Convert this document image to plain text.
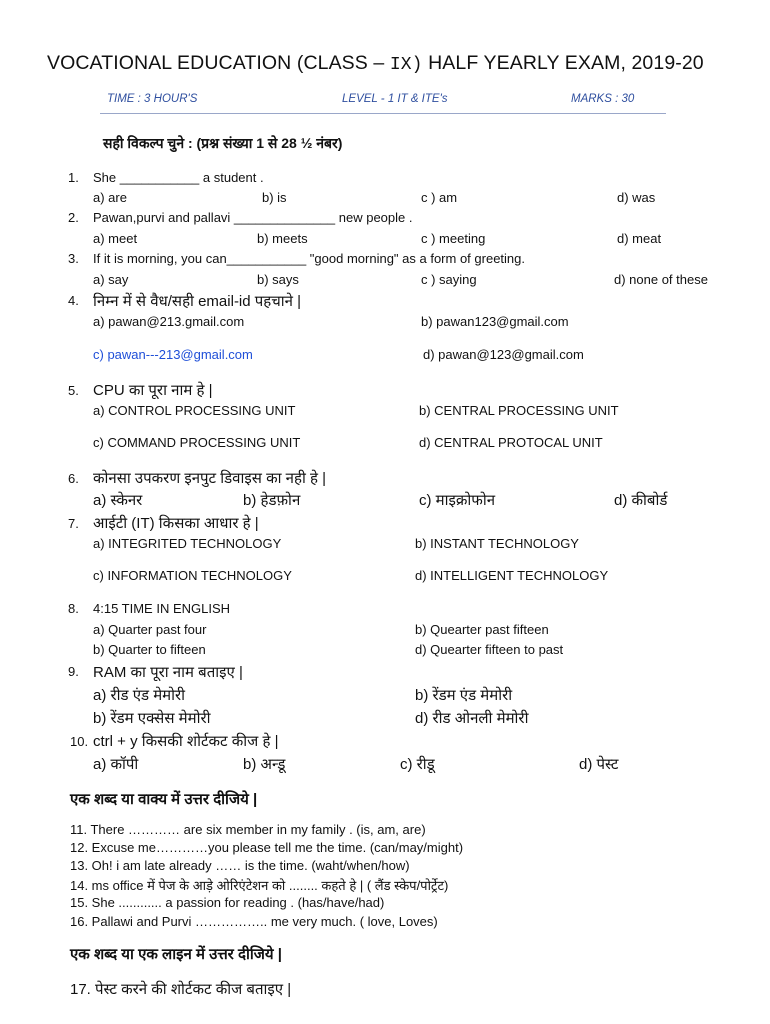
VOCATIONAL EDUCATION (CLASS – IX) HALF YEARLY EXAM, 2019-20
TIME : 3 HOUR'S	LEVEL - 1 IT & ITE's	MARKS : 30
सही विकल्प चुने : (प्रश्न संख्या 1 से 28 ½ नंबर)
1. She ___________ a student .
a) are	b) is	c ) am	d) was
2. Pawan,purvi and pallavi ______________ new people .
a) meet	b) meets	c ) meeting	d) meat
3. If it is morning, you can___________ "good morning" as a form of greeting.
a) say	b) says	c ) saying	d) none of these
4. निम्न में से वैध/सही email-id पहचाने |
a) pawan@213.gmail.com	b) pawan123@gmail.com
c) pawan---213@gmail.com	d) pawan@123@gmail.com
5. CPU का पूरा नाम हे |
a) CONTROL PROCESSING UNIT	b) CENTRAL PROCESSING UNIT
c) COMMAND PROCESSING UNIT	d) CENTRAL PROTOCAL UNIT
6. कोनसा उपकरण इनपुट डिवाइस का नही हे |
a) स्केनर	b) हेडफ़ोन	c) माइक्रोफोन	d) कीबोर्ड
7. आईटी (IT) किसका आधार हे |
a) INTEGRITED TECHNOLOGY	b) INSTANT TECHNOLOGY
c) INFORMATION TECHNOLOGY	d) INTELLIGENT TECHNOLOGY
8. 4:15 TIME IN ENGLISH
a) Quarter past four	b) Quearter past fifteen
b) Quarter to fifteen	d) Quearter fifteen to past
9. RAM का पूरा नाम बताइए |
a) रीड एंड मेमोरी	b) रेंडम एंड मेमोरी
b) रेंडम एक्सेस मेमोरी	d) रीड ओनली मेमोरी
10. ctrl + y किसकी शोर्टकट कीज हे |
a) कॉपी	b) अन्डू	c) रीडू	d) पेस्ट
एक शब्द या वाक्य में उत्तर दीजिये |
11. There ………… are six member in my family . (is, am, are)
12. Excuse me…………you please tell me the time. (can/may/might)
13. Oh! i am late already …… is the time. (waht/when/how)
14. ms office में पेज के आड़े ओरिएंटेशन को ........ कहते हे | ( लैंड स्केप/पोर्ट्रेट)
15. She ............ a passion for reading . (has/have/had)
16. Pallawi and Purvi …………….. me very much. ( love, Loves)
एक शब्द या एक लाइन में उत्तर दीजिये |
17. पेस्ट करने की शोर्टकट कीज बताइए |
